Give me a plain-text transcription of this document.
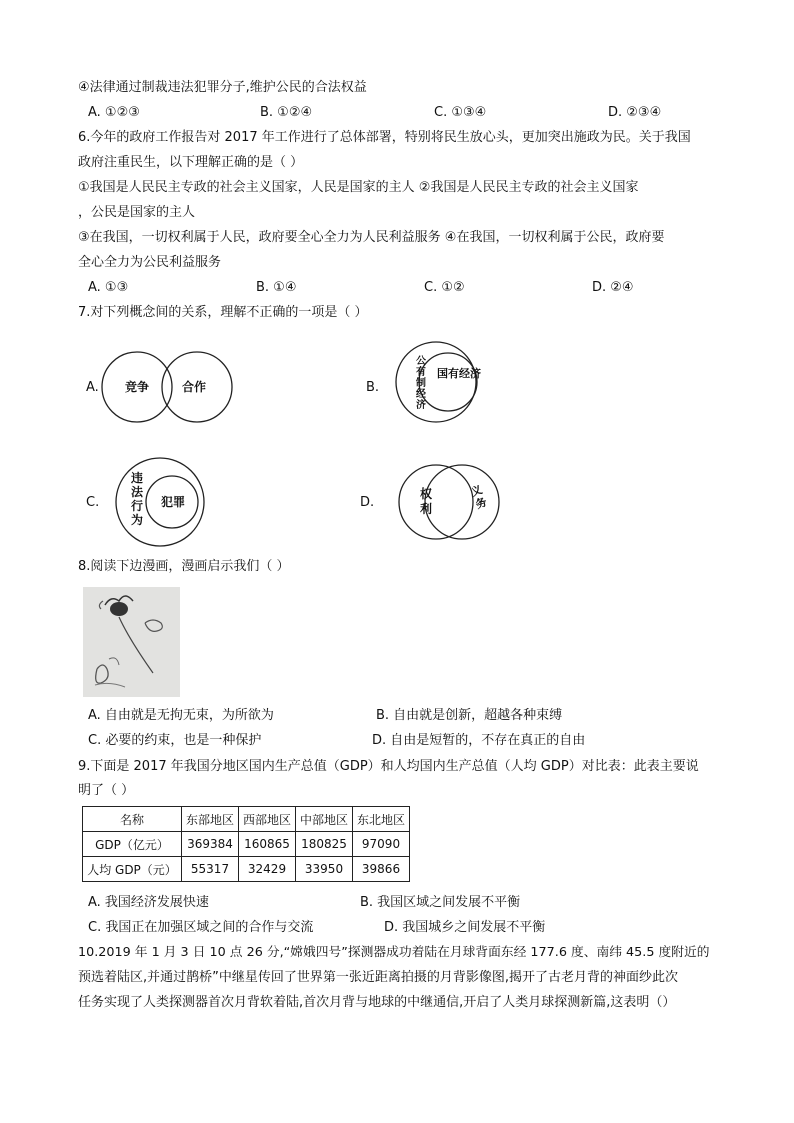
④法律通过制裁违法犯罪分子,维护公民的合法权益
A. ①②③	B. ①②④	C. ①③④	D. ②③④
6.今年的政府工作报告对 2017 年工作进行了总体部署，特别将民生放心头，更加突出施政为民。关于我国
政府注重民生，以下理解正确的是（ ）
①我国是人民民主专政的社会主义国家，人民是国家的主人 ②我国是人民民主专政的社会主义国家
，公民是国家的主人
③在我国，一切权利属于人民，政府要全心全力为人民利益服务 ④在我国，一切权利属于公民，政府要
全心全力为公民利益服务
A. ①③	B. ①④	C. ①②	D. ②④
7.对下列概念间的关系，理解不正确的一项是（ ）
A. 竞争	合作	B.
公
有
制
经
济
国有经济
C.
违
法
行
为
犯罪	D.
权
利
义
务
8.阅读下边漫画，漫画启示我们（ ）
A. 自由就是无拘无束，为所欲为	B. 自由就是创新，超越各种束缚
C. 必要的约束，也是一种保护	D. 自由是短暂的，不存在真正的自由
9.下面是 2017 年我国分地区国内生产总值（GDP）和人均国内生产总值（人均 GDP）对比表：此表主要说
明了（ ）
名称	东部地区	西部地区	中部地区	东北地区
GDP（亿元）	369384	160865	180825	97090
人均 GDP（元）	55317	32429	33950	39866
A. 我国经济发展快速	B. 我国区域之间发展不平衡
C. 我国正在加强区域之间的合作与交流	D. 我国城乡之间发展不平衡
10.2019 年 1 月 3 日 10 点 26 分,“嫦娥四号”探测器成功着陆在月球背面东经 177.6 度、南纬 45.5 度附近的
预选着陆区,并通过鹊桥”中继星传回了世界第一张近距离拍摄的月背影像图,揭开了古老月背的神面纱此次
任务实现了人类探测器首次月背软着陆,首次月背与地球的中继通信,开启了人类月球探测新篇,这表明（）
